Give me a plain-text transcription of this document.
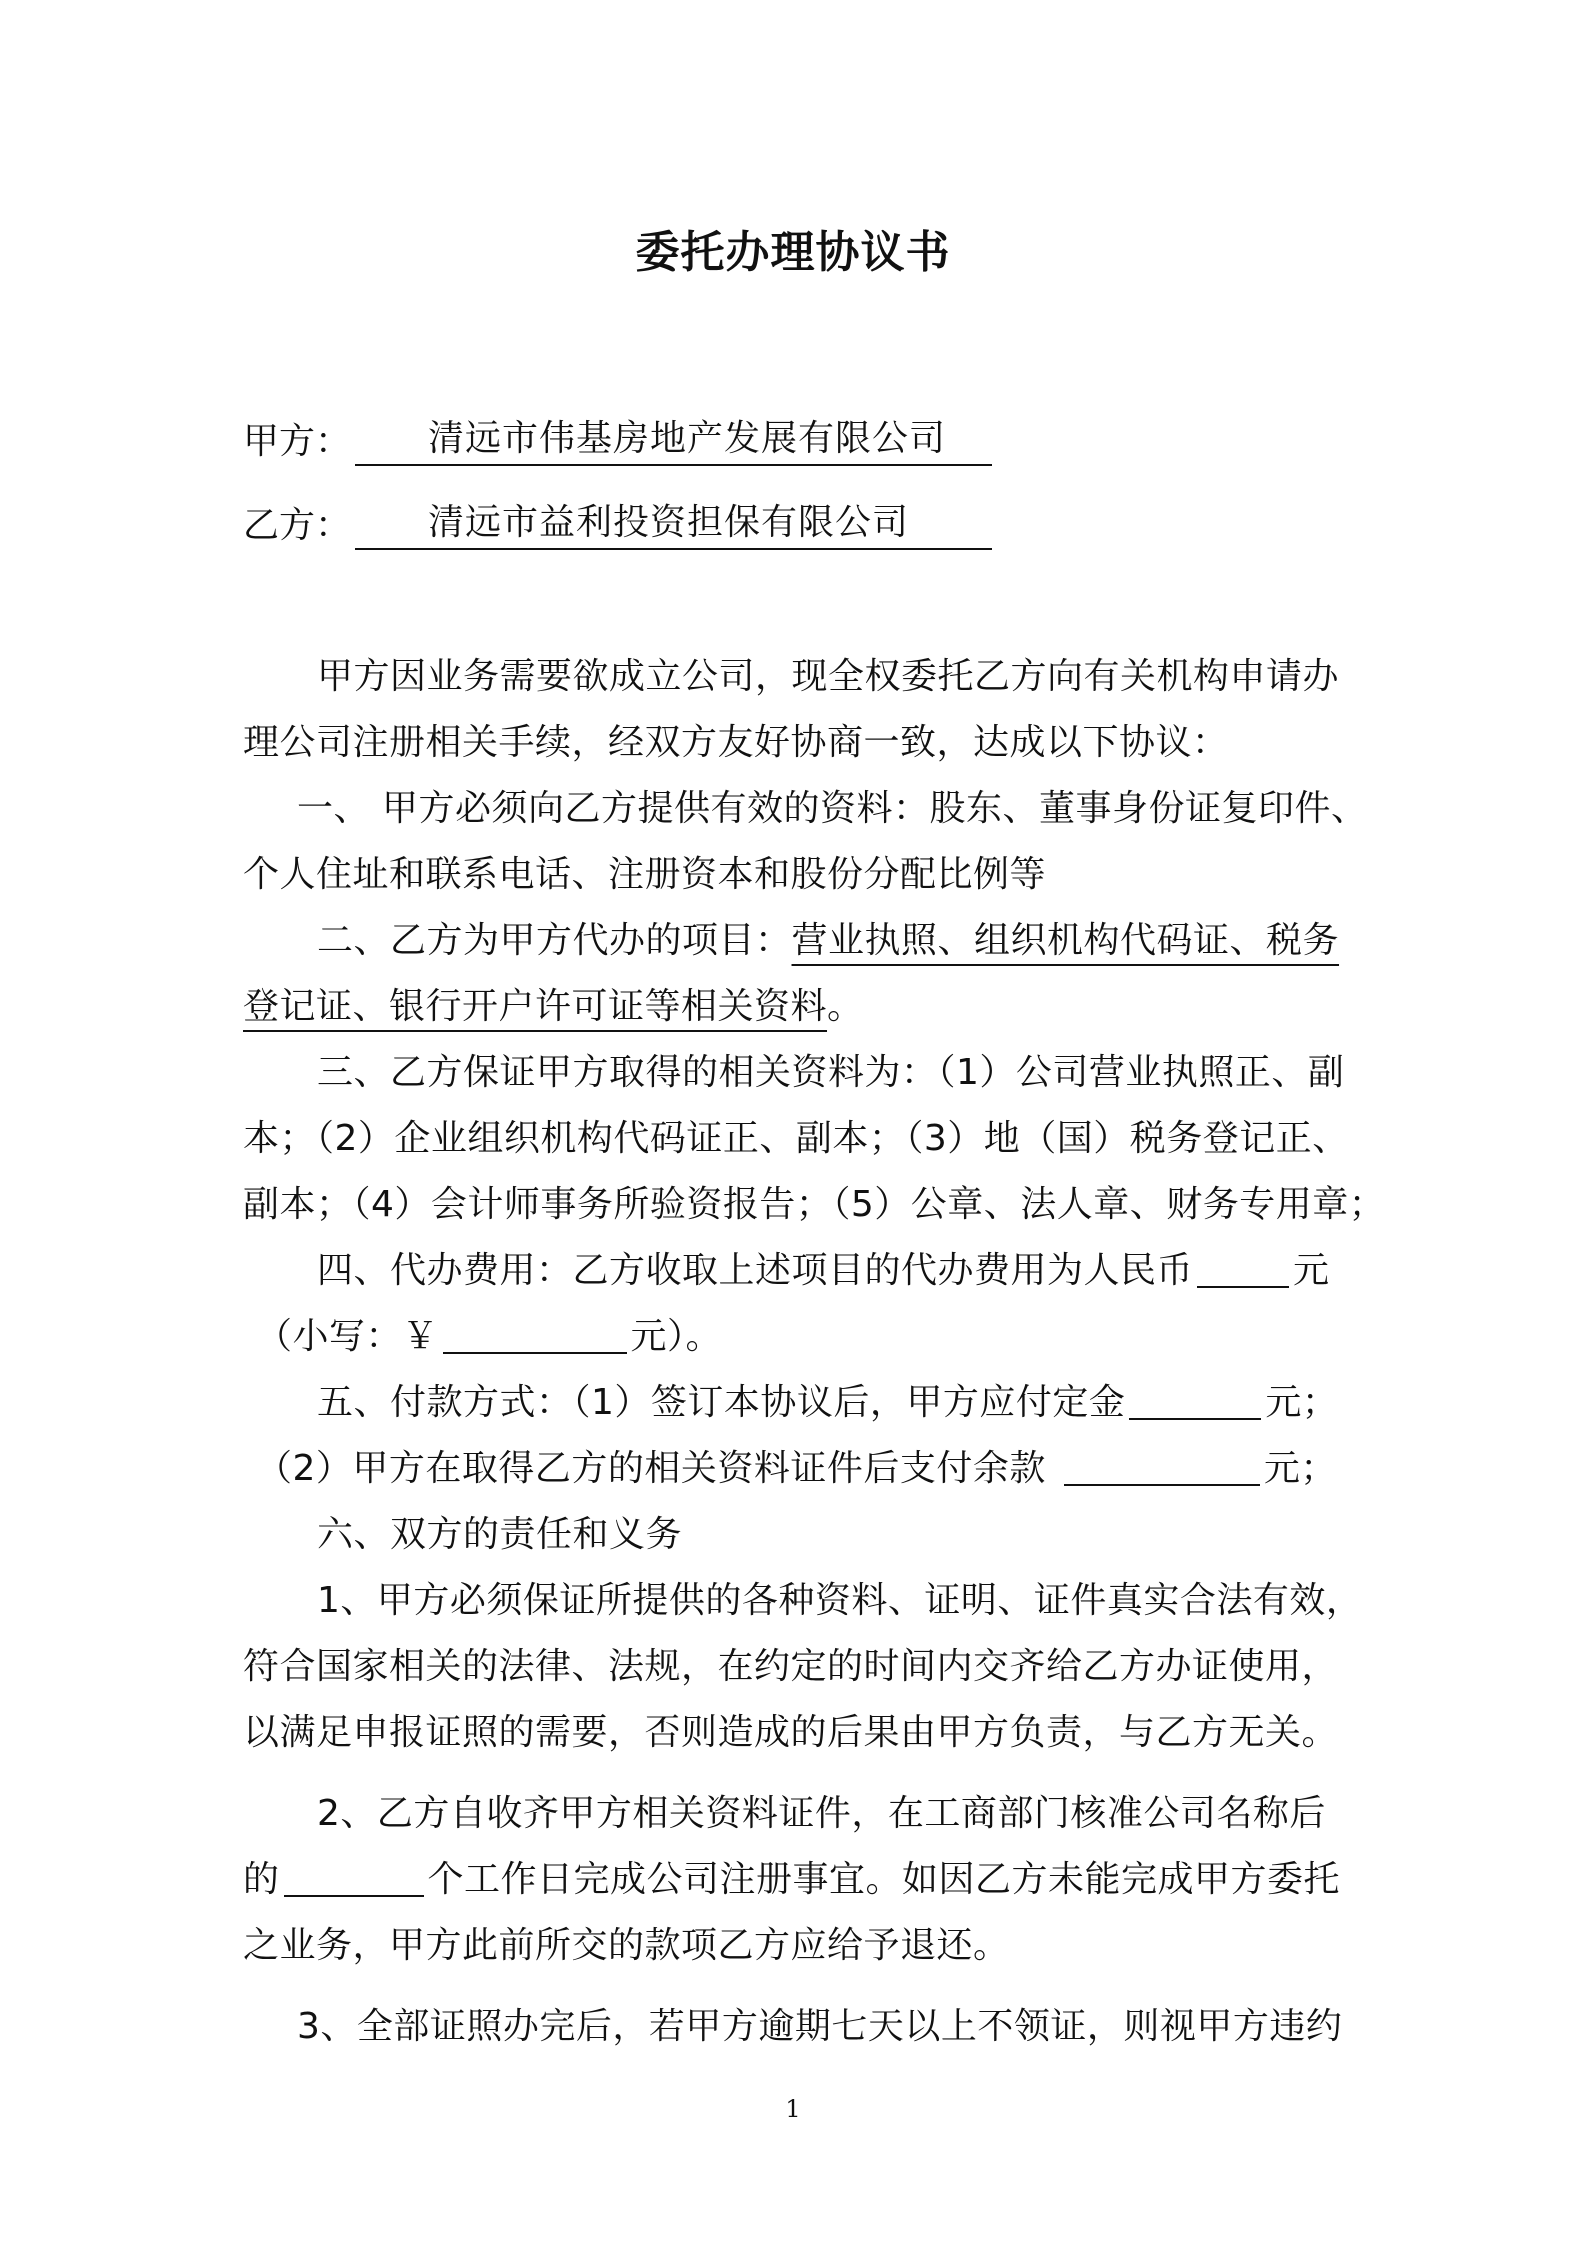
委托办理协议书
甲方： 清远市伟基房地产发展有限公司
乙方： 清远市益利投资担保有限公司
甲方因业务需要欲成立公司，现全权委托乙方向有关机构申请办
理公司注册相关手续，经双方友好协商一致，达成以下协议：
一、 甲方必须向乙方提供有效的资料：股东、董事身份证复印件、
个人住址和联系电话、注册资本和股份分配比例等
二、乙方为甲方代办的项目：营业执照、组织机构代码证、税务
登记证、银行开户许可证等相关资料。
三、乙方保证甲方取得的相关资料为：（1）公司营业执照正、副
本；（2）企业组织机构代码证正、副本；（3）地（国）税务登记正、
副本；（4）会计师事务所验资报告；（5）公章、法人章、财务专用章；
四、代办费用：乙方收取上述项目的代办费用为人民币	元
（小写：￥	元）。
五、付款方式：（1）签订本协议后，甲方应付定金	元；
（2）甲方在取得乙方的相关资料证件后支付余款	元；
六、双方的责任和义务
1、甲方必须保证所提供的各种资料、证明、证件真实合法有效，
符合国家相关的法律、法规，在约定的时间内交齐给乙方办证使用，
以满足申报证照的需要，否则造成的后果由甲方负责，与乙方无关。
2、乙方自收齐甲方相关资料证件，在工商部门核准公司名称后
的	个工作日完成公司注册事宜。如因乙方未能完成甲方委托
之业务，甲方此前所交的款项乙方应给予退还。
3、全部证照办完后，若甲方逾期七天以上不领证，则视甲方违约
1
